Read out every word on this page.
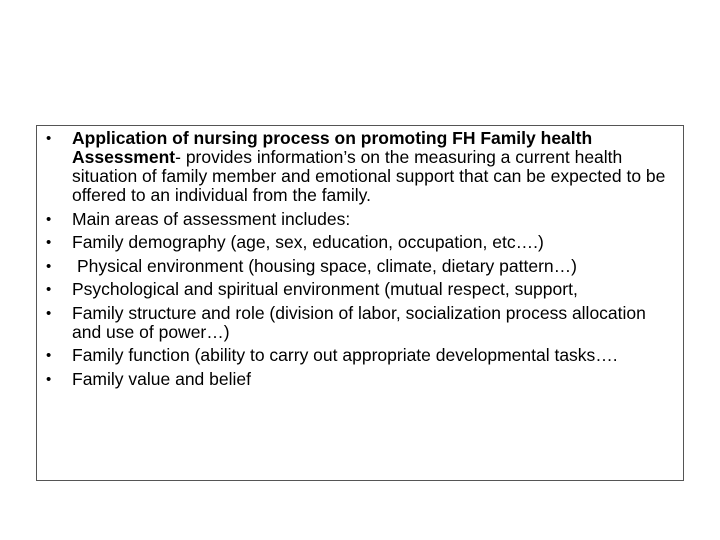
•	Application of nursing process on promoting FH Family health Assessment- provides information’s on the measuring a current health situation of family member and emotional support that can be expected to be offered to an individual from the family.
•	Main areas of assessment includes:
•	Family demography (age, sex, education, occupation, etc….)
•	Physical environment (housing space, climate, dietary pattern…)
•	Psychological and spiritual environment (mutual respect, support,
•	Family structure and role (division of labor, socialization process allocation and use of power…)
•	Family function (ability to carry out appropriate developmental tasks….
•	Family value and belief
